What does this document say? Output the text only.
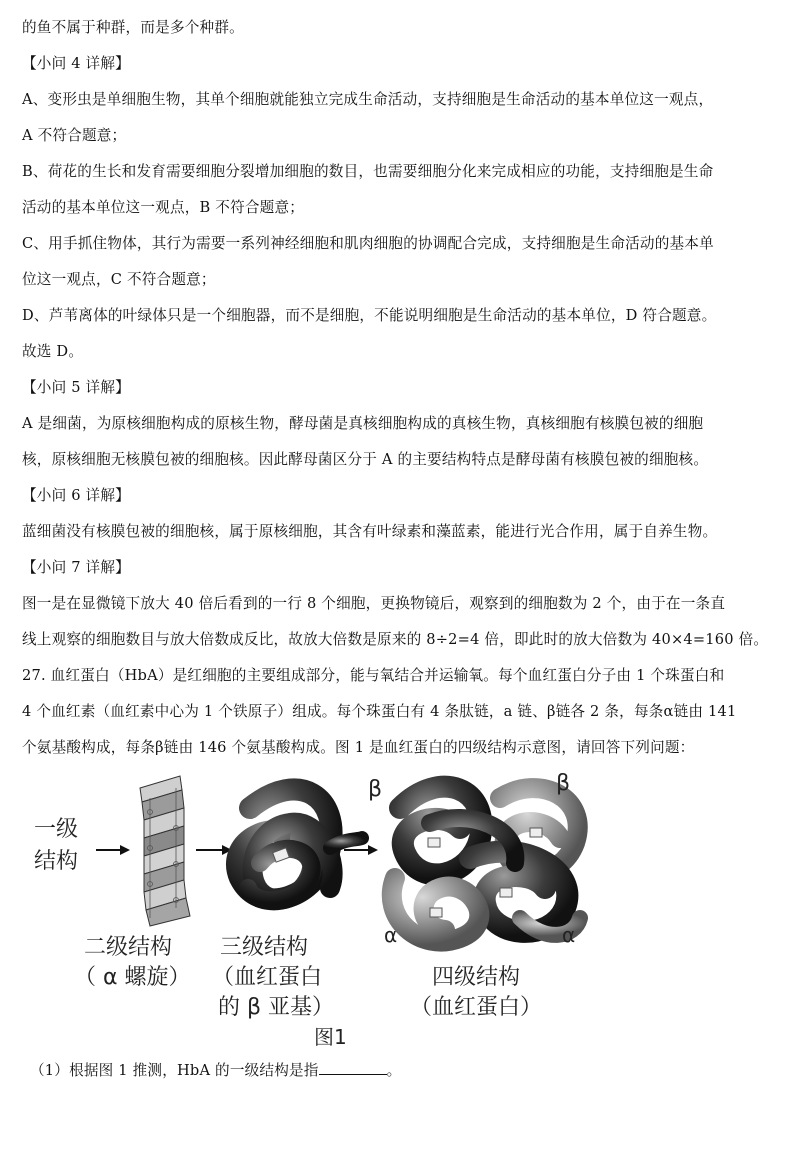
的鱼不属于种群，而是多个种群。
【小问 4 详解】
A、变形虫是单细胞生物，其单个细胞就能独立完成生命活动，支持细胞是生命活动的基本单位这一观点，
A 不符合题意；
B、荷花的生长和发育需要细胞分裂增加细胞的数目，也需要细胞分化来完成相应的功能，支持细胞是生命
活动的基本单位这一观点，B 不符合题意；
C、用手抓住物体，其行为需要一系列神经细胞和肌肉细胞的协调配合完成，支持细胞是生命活动的基本单
位这一观点，C 不符合题意；
D、芦苇离体的叶绿体只是一个细胞器，而不是细胞，不能说明细胞是生命活动的基本单位，D 符合题意。
故选 D。
【小问 5 详解】
A 是细菌，为原核细胞构成的原核生物，酵母菌是真核细胞构成的真核生物，真核细胞有核膜包被的细胞
核，原核细胞无核膜包被的细胞核。因此酵母菌区分于 A 的主要结构特点是酵母菌有核膜包被的细胞核。
【小问 6 详解】
蓝细菌没有核膜包被的细胞核，属于原核细胞，其含有叶绿素和藻蓝素，能进行光合作用，属于自养生物。
【小问 7 详解】
图一是在显微镜下放大 40 倍后看到的一行 8 个细胞，更换物镜后，观察到的细胞数为 2 个，由于在一条直
线上观察的细胞数目与放大倍数成反比，故放大倍数是原来的 8÷2=4 倍，即此时的放大倍数为 40×4=160 倍。
27. 血红蛋白（HbA）是红细胞的主要组成部分，能与氧结合并运输氧。每个血红蛋白分子由 1 个珠蛋白和
4 个血红素（血红素中心为 1 个铁原子）组成。每个珠蛋白有 4 条肽链，a 链、β链各 2 条，每条α链由 141
个氨基酸构成，每条β链由 146 个氨基酸构成。图 1 是血红蛋白的四级结构示意图，请回答下列问题：
一级
结构
β	β
α	α
二级结构
（ α 螺旋）
三级结构
（血红蛋白
的 β 亚基）
四级结构
（血红蛋白）
图1
（1）根据图 1 推测，HbA 的一级结构是指	。
